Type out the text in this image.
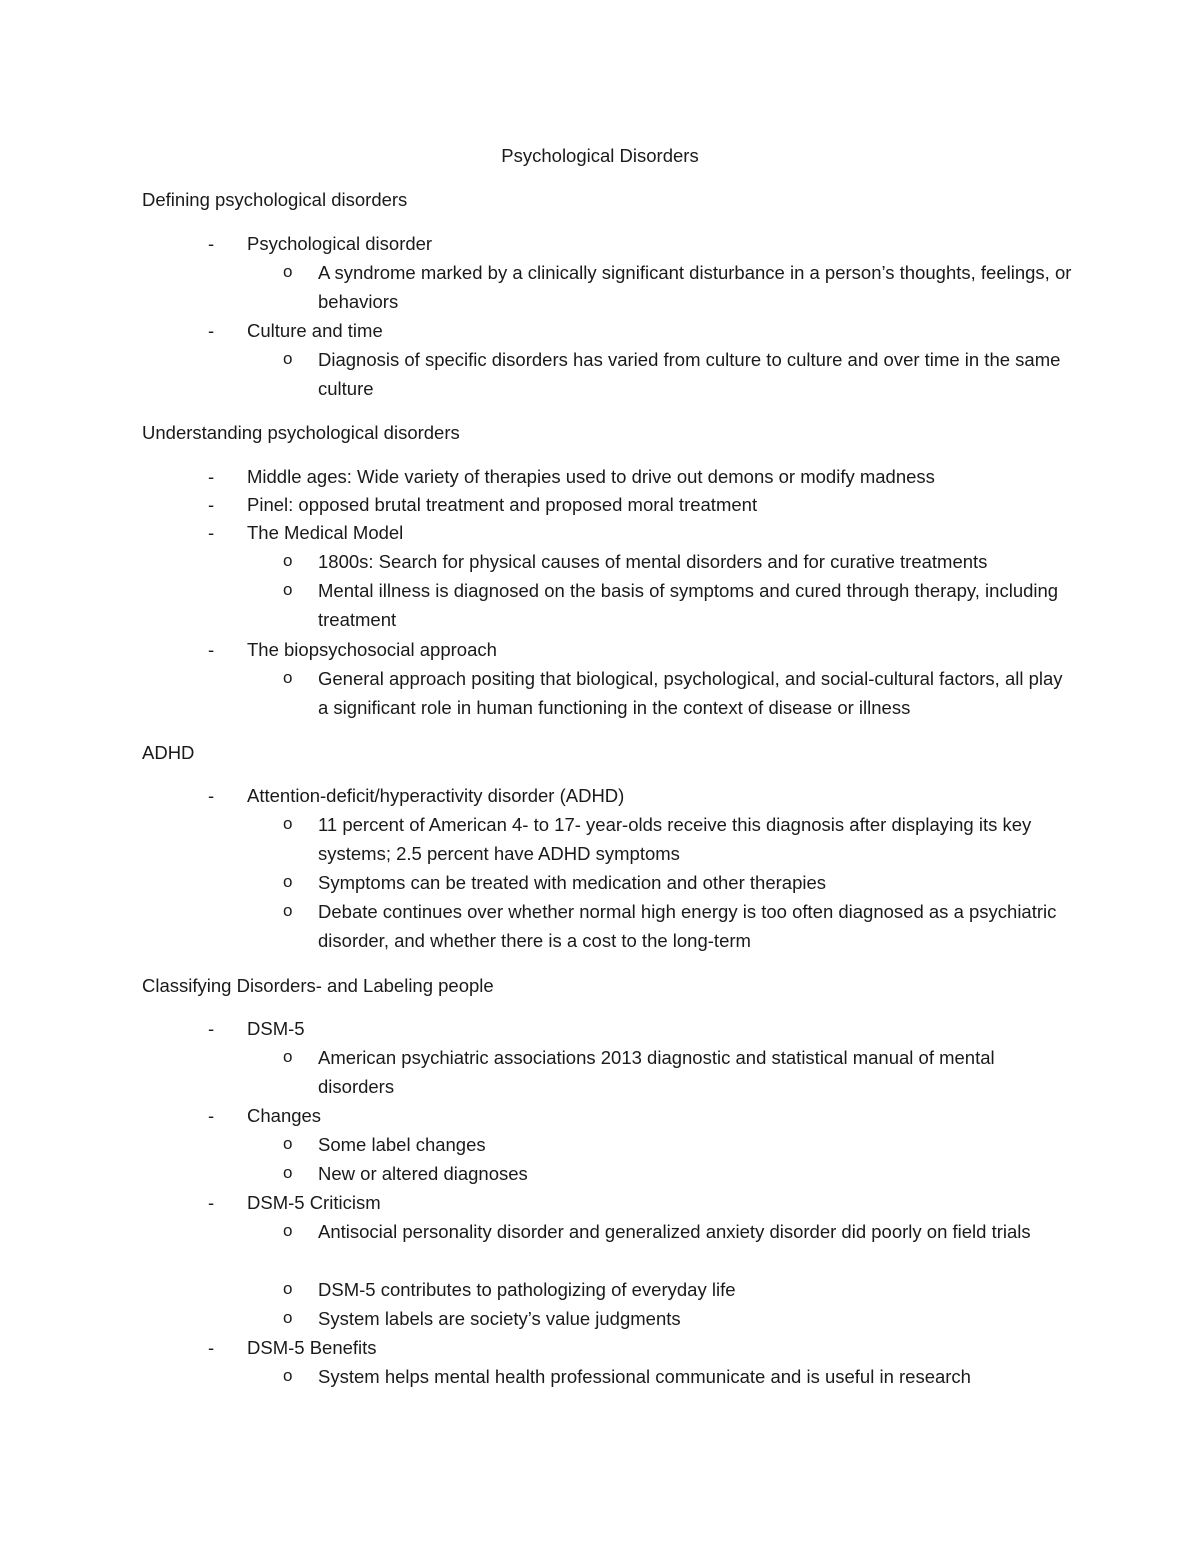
Psychological Disorders
Defining psychological disorders
- Psychological disorder
o A syndrome marked by a clinically significant disturbance in a person’s thoughts, feelings, or behaviors
- Culture and time
o Diagnosis of specific disorders has varied from culture to culture and over time in the same culture
Understanding psychological disorders
- Middle ages: Wide variety of therapies used to drive out demons or modify madness
- Pinel: opposed brutal treatment and proposed moral treatment
- The Medical Model
o 1800s: Search for physical causes of mental disorders and for curative treatments
o Mental illness is diagnosed on the basis of symptoms and cured through therapy, including treatment
- The biopsychosocial approach
o General approach positing that biological, psychological, and social-cultural factors, all play a significant role in human functioning in the context of disease or illness
ADHD
- Attention-deficit/hyperactivity disorder (ADHD)
o 11 percent of American 4- to 17- year-olds receive this diagnosis after displaying its key systems; 2.5 percent have ADHD symptoms
o Symptoms can be treated with medication and other therapies
o Debate continues over whether normal high energy is too often diagnosed as a psychiatric disorder, and whether there is a cost to the long-term
Classifying Disorders- and Labeling people
- DSM-5
o American psychiatric associations 2013 diagnostic and statistical manual of mental disorders
- Changes
o Some label changes
o New or altered diagnoses
- DSM-5 Criticism
o Antisocial personality disorder and generalized anxiety disorder did poorly on field trials
o DSM-5 contributes to pathologizing of everyday life
o System labels are society’s value judgments
- DSM-5 Benefits
o System helps mental health professional communicate and is useful in research
